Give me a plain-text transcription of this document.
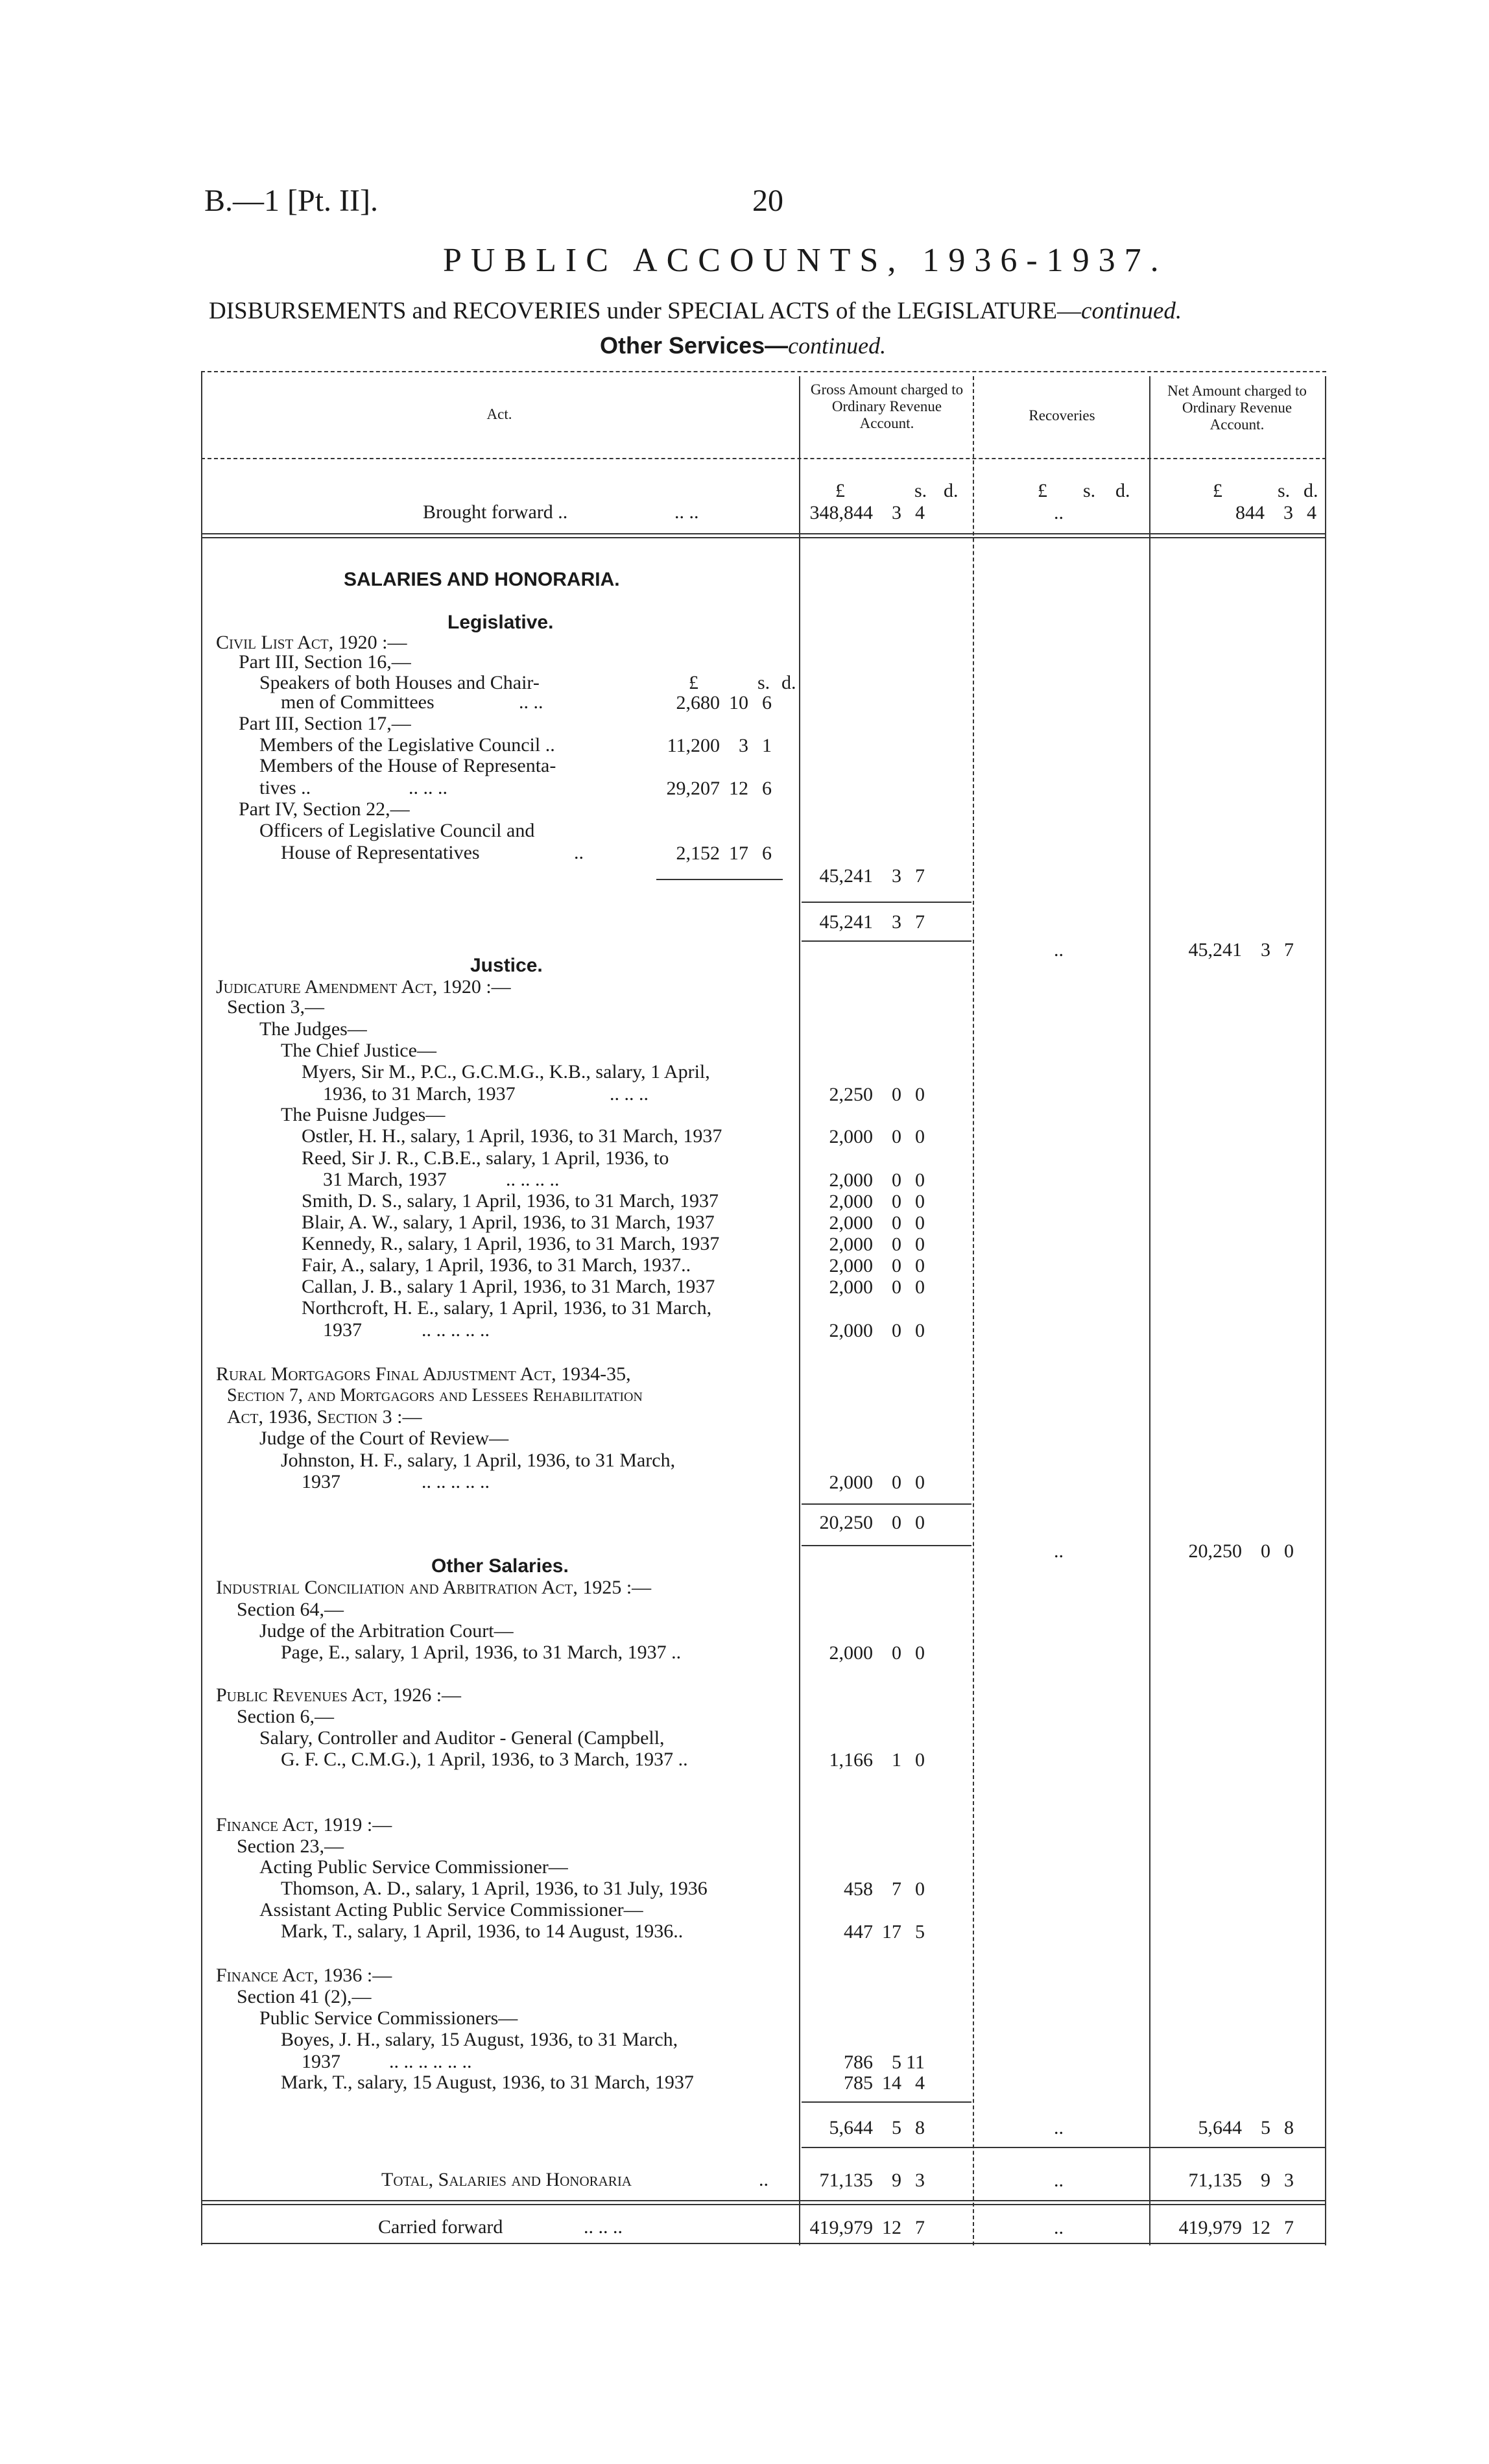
B.—1 [Pt. II].	20
PUBLIC ACCOUNTS, 1936-1937.
DISBURSEMENTS and RECOVERIES under SPECIAL ACTS of the LEGISLATURE—continued.
Other Services—continued.
Act.
Gross Amount charged to Ordinary Revenue Account.	Recoveries
Net Amount charged to Ordinary Revenue Account.
£	s. d.	£ s. d.	£	s. d.
Brought forward ..	.. ..	348,844 3 4	..	844 3 4
SALARIES AND HONORARIA.
Legislative.
Civil List Act, 1920 :—
Part III, Section 16,—
Speakers of both Houses and Chair-	£	s. d.
men of Committees	.. ..	2,680 10 6
Part III, Section 17,—
Members of the Legislative Council ..	11,200 3 1
Members of the House of Representa-
tives ..	.. .. ..	29,207 12 6
Part IV, Section 22,—
Officers of Legislative Council and
House of Representatives	..	2,152 17 6
45,241 3 7
45,241 3 7
..	45,241 3 7
Justice.
Judicature Amendment Act, 1920 :—
Section 3,—
The Judges—
The Chief Justice—
Myers, Sir M., P.C., G.C.M.G., K.B., salary, 1 April,
1936, to 31 March, 1937	.. .. ..	2,250 0 0
The Puisne Judges—
Ostler, H. H., salary, 1 April, 1936, to 31 March, 1937	2,000 0 0
Reed, Sir J. R., C.B.E., salary, 1 April, 1936, to
31 March, 1937	.. .. .. ..	2,000 0 0
Smith, D. S., salary, 1 April, 1936, to 31 March, 1937	2,000 0 0
Blair, A. W., salary, 1 April, 1936, to 31 March, 1937	2,000 0 0
Kennedy, R., salary, 1 April, 1936, to 31 March, 1937	2,000 0 0
Fair, A., salary, 1 April, 1936, to 31 March, 1937..	2,000 0 0
Callan, J. B., salary 1 April, 1936, to 31 March, 1937	2,000 0 0
Northcroft, H. E., salary, 1 April, 1936, to 31 March,
1937	.. .. .. .. ..	2,000 0 0
Rural Mortgagors Final Adjustment Act, 1934-35,
Section 7, and Mortgagors and Lessees Rehabilitation
Act, 1936, Section 3 :—
Judge of the Court of Review—
Johnston, H. F., salary, 1 April, 1936, to 31 March,
1937	.. .. .. .. ..	2,000 0 0
20,250 0 0
..	20,250 0 0
Other Salaries.
Industrial Conciliation and Arbitration Act, 1925 :—
Section 64,—
Judge of the Arbitration Court—
Page, E., salary, 1 April, 1936, to 31 March, 1937 ..	2,000 0 0
Public Revenues Act, 1926 :—
Section 6,—
Salary, Controller and Auditor - General (Campbell,
G. F. C., C.M.G.), 1 April, 1936, to 3 March, 1937 ..	1,166 1 0
Finance Act, 1919 :—
Section 23,—
Acting Public Service Commissioner—
Thomson, A. D., salary, 1 April, 1936, to 31 July, 1936	458 7 0
Assistant Acting Public Service Commissioner—
Mark, T., salary, 1 April, 1936, to 14 August, 1936..	447 17 5
Finance Act, 1936 :—
Section 41 (2),—
Public Service Commissioners—
Boyes, J. H., salary, 15 August, 1936, to 31 March,
1937	.. .. .. .. .. ..	786 5 11
Mark, T., salary, 15 August, 1936, to 31 March, 1937	785 14 4
5,644 5 8	..	5,644 5 8
Total, Salaries and Honoraria	..	71,135 9 3	..	71,135 9 3
Carried forward	.. .. ..	419,979 12 7	..	419,979 12 7
